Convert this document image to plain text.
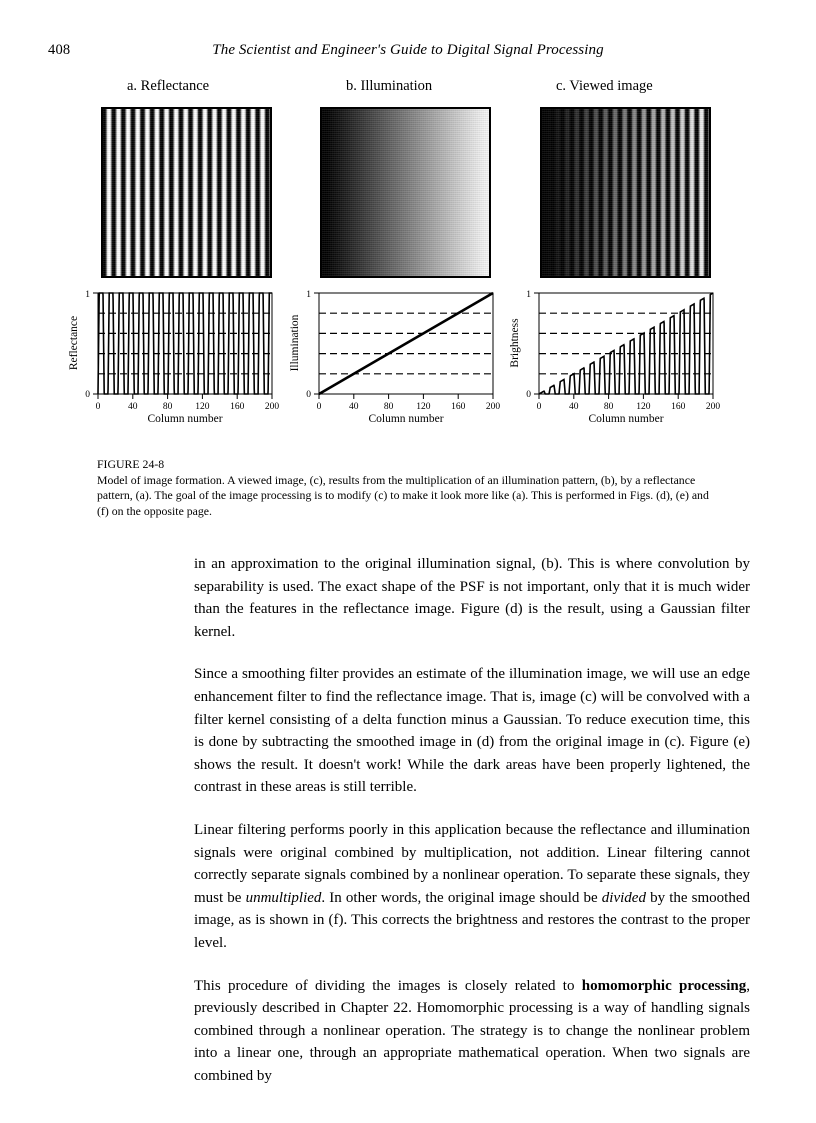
408	The Scientist and Engineer's Guide to Digital Signal Processing
a. Reflectance	b. Illumination	c. Viewed image
0	40	80 120 160 200
0
1
Column number
Reflectance
0	40	80 120 160 200
0
1
Column number
Illumination
0	40	80 120 160 200
0
1
Column number
Brightness
FIGURE 24-8
Model of image formation. A viewed image, (c), results from the multiplication of an illumination pattern, (b), by a reflectance pattern, (a). The goal of the image processing is to modify (c) to make it look more like (a). This is performed in Figs. (d), (e) and (f) on the opposite page.

in an approximation to the original illumination signal, (b). This is where convolution by separability is used. The exact shape of the PSF is not important, only that it is much wider than the features in the reflectance image. Figure (d) is the result, using a Gaussian filter kernel.

Since a smoothing filter provides an estimate of the illumination image, we will use an edge enhancement filter to find the reflectance image. That is, image (c) will be convolved with a filter kernel consisting of a delta function minus a Gaussian. To reduce execution time, this is done by subtracting the smoothed image in (d) from the original image in (c). Figure (e) shows the result. It doesn't work! While the dark areas have been properly lightened, the contrast in these areas is still terrible.

Linear filtering performs poorly in this application because the reflectance and illumination signals were original combined by multiplication, not addition. Linear filtering cannot correctly separate signals combined by a nonlinear operation. To separate these signals, they must be unmultiplied. In other words, the original image should be divided by the smoothed image, as is shown in (f). This corrects the brightness and restores the contrast to the proper level.

This procedure of dividing the images is closely related to homomorphic processing, previously described in Chapter 22. Homomorphic processing is a way of handling signals combined through a nonlinear operation. The strategy is to change the nonlinear problem into a linear one, through an appropriate mathematical operation. When two signals are combined by
